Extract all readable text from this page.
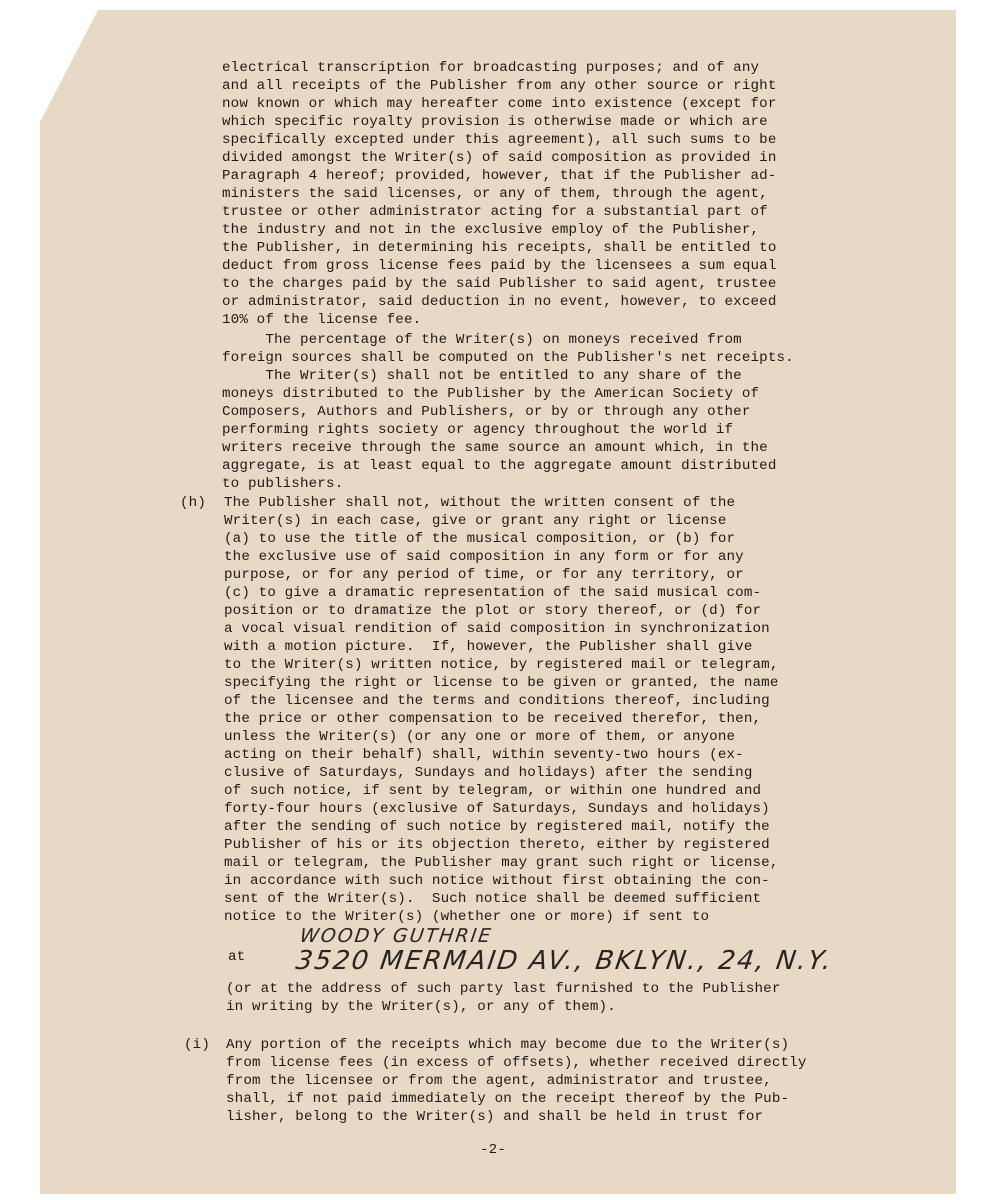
electrical transcription for broadcasting purposes; and of any
and all receipts of the Publisher from any other source or right
now known or which may hereafter come into existence (except for
which specific royalty provision is otherwise made or which are
specifically excepted under this agreement), all such sums to be
divided amongst the Writer(s) of said composition as provided in
Paragraph 4 hereof; provided, however, that if the Publisher ad-
ministers the said licenses, or any of them, through the agent,
trustee or other administrator acting for a substantial part of
the industry and not in the exclusive employ of the Publisher,
the Publisher, in determining his receipts, shall be entitled to
deduct from gross license fees paid by the licensees a sum equal
to the charges paid by the said Publisher to said agent, trustee
or administrator, said deduction in no event, however, to exceed
10% of the license fee.
The percentage of the Writer(s) on moneys received from
foreign sources shall be computed on the Publisher's net receipts.
The Writer(s) shall not be entitled to any share of the
moneys distributed to the Publisher by the American Society of
Composers, Authors and Publishers, or by or through any other
performing rights society or agency throughout the world if
writers receive through the same source an amount which, in the
aggregate, is at least equal to the aggregate amount distributed
to publishers.
(h) The Publisher shall not, without the written consent of the
Writer(s) in each case, give or grant any right or license
(a) to use the title of the musical composition, or (b) for
the exclusive use of said composition in any form or for any
purpose, or for any period of time, or for any territory, or
(c) to give a dramatic representation of the said musical com-
position or to dramatize the plot or story thereof, or (d) for
a vocal visual rendition of said composition in synchronization
with a motion picture.  If, however, the Publisher shall give
to the Writer(s) written notice, by registered mail or telegram,
specifying the right or license to be given or granted, the name
of the licensee and the terms and conditions thereof, including
the price or other compensation to be received therefor, then,
unless the Writer(s) (or any one or more of them, or anyone
acting on their behalf) shall, within seventy-two hours (ex-
clusive of Saturdays, Sundays and holidays) after the sending
of such notice, if sent by telegram, or within one hundred and
forty-four hours (exclusive of Saturdays, Sundays and holidays)
after the sending of such notice by registered mail, notify the
Publisher of his or its objection thereto, either by registered
mail or telegram, the Publisher may grant such right or license,
in accordance with such notice without first obtaining the con-
sent of the Writer(s).  Such notice shall be deemed sufficient
notice to the Writer(s) (whether one or more) if sent to
at
WOODY GUTHRIE
3520 MERMAID AV., BKLYN., 24, N.Y.
(or at the address of such party last furnished to the Publisher
in writing by the Writer(s), or any of them).
(i) Any portion of the receipts which may become due to the Writer(s)
from license fees (in excess of offsets), whether received directly
from the licensee or from the agent, administrator and trustee,
shall, if not paid immediately on the receipt thereof by the Pub-
lisher, belong to the Writer(s) and shall be held in trust for
-2-
